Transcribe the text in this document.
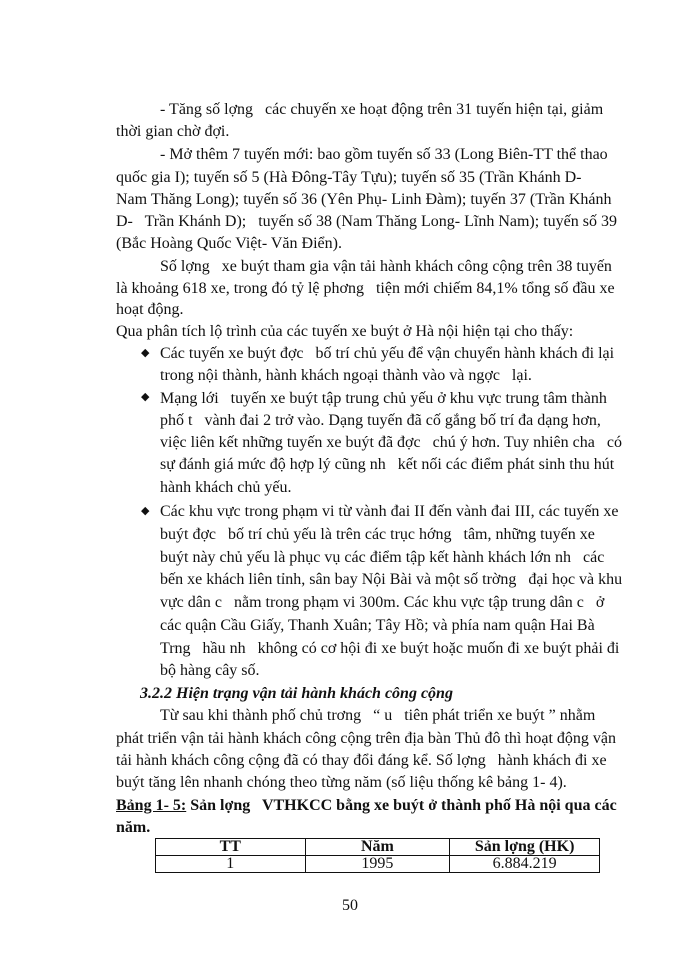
- Tăng số lợng   các chuyến xe hoạt động trên 31 tuyến hiện tại, giảm
thời gian chờ đợi.
- Mở thêm 7 tuyến mới: bao gồm tuyến số 33 (Long Biên-TT thể thao
quốc gia I); tuyến số 5 (Hà Đông-Tây Tựu); tuyến số 35 (Trần Khánh D-
Nam Thăng Long); tuyến số 36 (Yên Phụ- Linh Đàm); tuyến 37 (Trần Khánh
D-   Trần Khánh D);   tuyến số 38 (Nam Thăng Long- Lĩnh Nam); tuyến số 39
(Bắc Hoàng Quốc Việt- Văn Điển).
Số lợng   xe buýt tham gia vận tải hành khách công cộng trên 38 tuyến
là khoảng 618 xe, trong đó tỷ lệ phơng   tiện mới chiếm 84,1% tổng số đầu xe
hoạt động.
Qua phân tích lộ trình của các tuyến xe buýt ở Hà nội hiện tại cho thấy:
◆ Các tuyến xe buýt đợc   bố trí chủ yếu để vận chuyển hành khách đi lại
trong nội thành, hành khách ngoại thành vào và ngợc   lại.
◆ Mạng lới   tuyến xe buýt tập trung chủ yếu ở khu vực trung tâm thành
phố t   vành đai 2 trở vào. Dạng tuyến đã cố gắng bố trí đa dạng hơn,
việc liên kết những tuyến xe buýt đã đợc   chú ý hơn. Tuy nhiên cha   có
sự đánh giá mức độ hợp lý cũng nh   kết nối các điểm phát sinh thu hút
hành khách chủ yếu.
◆ Các khu vực trong phạm vi từ vành đai II đến vành đai III, các tuyến xe
buýt đợc   bố trí chủ yếu là trên các trục hớng   tâm, những tuyến xe
buýt này chủ yếu là phục vụ các điểm tập kết hành khách lớn nh   các
bến xe khách liên tỉnh, sân bay Nội Bài và một số trờng   đại học và khu
vực dân c   nằm trong phạm vi 300m. Các khu vực tập trung dân c   ở
các quận Cầu Giấy, Thanh Xuân; Tây Hồ; và phía nam quận Hai Bà
Trng   hầu nh   không có cơ hội đi xe buýt hoặc muốn đi xe buýt phải đi
bộ hàng cây số.
3.2.2 Hiện trạng vận tải hành khách công cộng
Từ sau khi thành phố chủ trơng   “ u   tiên phát triển xe buýt ” nhằm
phát triển vận tải hành khách công cộng trên địa bàn Thủ đô thì hoạt động vận
tải hành khách công cộng đã có thay đổi đáng kể. Số lợng   hành khách đi xe
buýt tăng lên nhanh chóng theo từng năm (số liệu thống kê bảng 1- 4).
Bảng 1- 5: Sản lợng   VTHKCC bằng xe buýt ở thành phố Hà nội qua các
năm.
TT	Năm	Sản lợng (HK)
1	1995	6.884.219
50
